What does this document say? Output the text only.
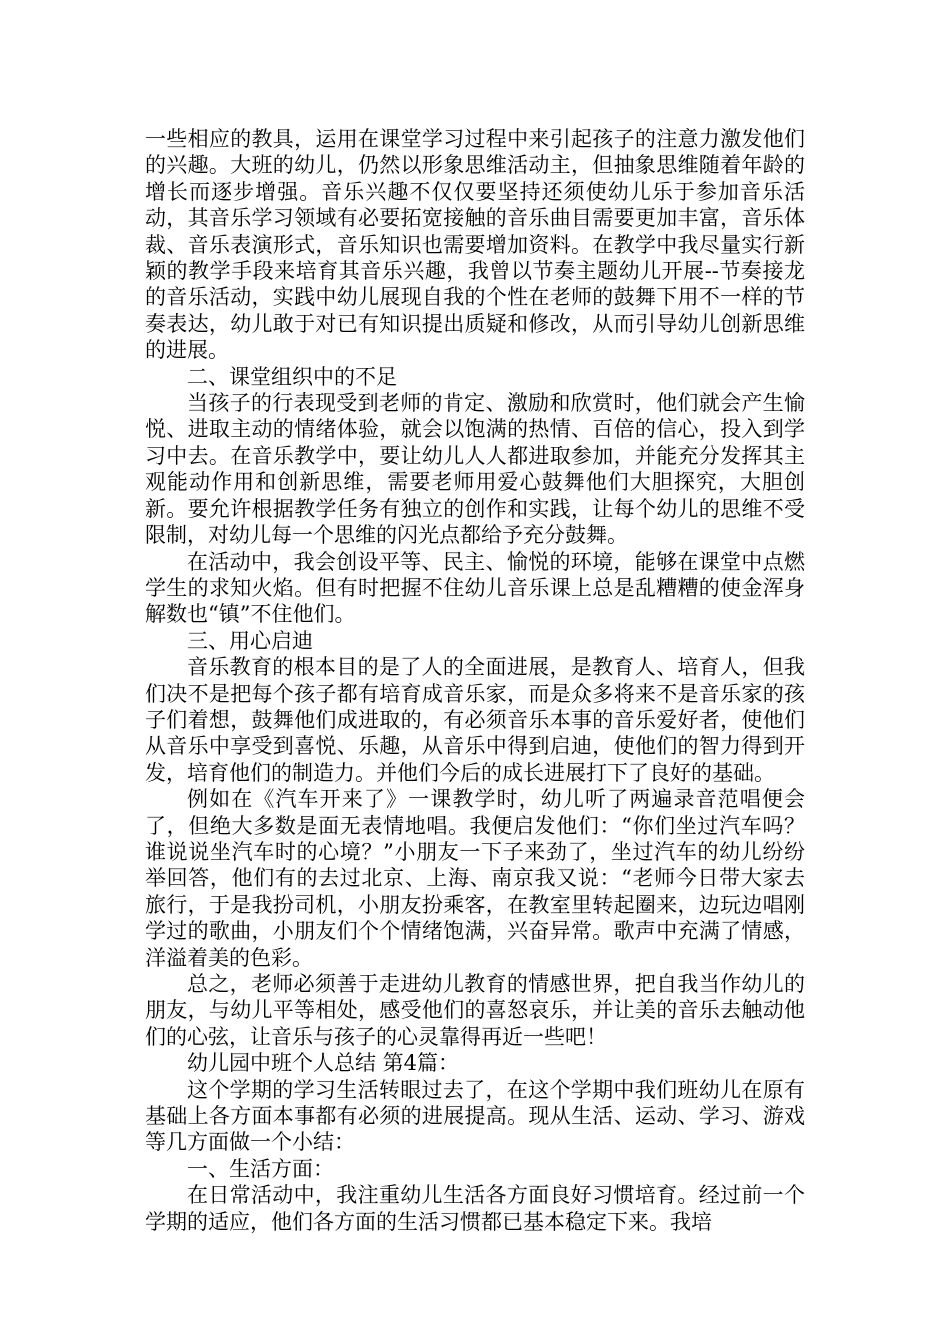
一些相应的教具，运用在课堂学习过程中来引起孩子的注意力激发他们的兴趣。大班的幼儿，仍然以形象思维活动主，但抽象思维随着年龄的增长而逐步增强。音乐兴趣不仅仅要坚持还须使幼儿乐于参加音乐活动，其音乐学习领域有必要拓宽接触的音乐曲目需要更加丰富，音乐体裁、音乐表演形式，音乐知识也需要增加资料。在教学中我尽量实行新颖的教学手段来培育其音乐兴趣，我曾以节奏主题幼儿开展--节奏接龙的音乐活动，实践中幼儿展现自我的个性在老师的鼓舞下用不一样的节奏表达，幼儿敢于对已有知识提出质疑和修改，从而引导幼儿创新思维的进展。

二、课堂组织中的不足

当孩子的行表现受到老师的肯定、激励和欣赏时，他们就会产生愉悦、进取主动的情绪体验，就会以饱满的热情、百倍的信心，投入到学习中去。在音乐教学中，要让幼儿人人都进取参加，并能充分发挥其主观能动作用和创新思维，需要老师用爱心鼓舞他们大胆探究，大胆创新。要允许根据教学任务有独立的创作和实践，让每个幼儿的思维不受限制，对幼儿每一个思维的闪光点都给予充分鼓舞。

在活动中，我会创设平等、民主、愉悦的环境，能够在课堂中点燃学生的求知火焰。但有时把握不住幼儿音乐课上总是乱糟糟的使金浑身解数也“镇”不住他们。

三、用心启迪

音乐教育的根本目的是了人的全面进展，是教育人、培育人，但我们决不是把每个孩子都有培育成音乐家，而是众多将来不是音乐家的孩子们着想，鼓舞他们成进取的，有必须音乐本事的音乐爱好者，使他们从音乐中享受到喜悦、乐趣，从音乐中得到启迪，使他们的智力得到开发，培育他们的制造力。并他们今后的成长进展打下了良好的基础。

例如在《汽车开来了》一课教学时，幼儿听了两遍录音范唱便会了，但绝大多数是面无表情地唱。我便启发他们：“你们坐过汽车吗？谁说说坐汽车时的心境？”小朋友一下子来劲了，坐过汽车的幼儿纷纷举回答，他们有的去过北京、上海、南京我又说：“老师今日带大家去旅行，于是我扮司机，小朋友扮乘客，在教室里转起圈来，边玩边唱刚学过的歌曲，小朋友们个个情绪饱满，兴奋异常。歌声中充满了情感，洋溢着美的色彩。

总之，老师必须善于走进幼儿教育的情感世界，把自我当作幼儿的朋友，与幼儿平等相处，感受他们的喜怒哀乐，并让美的音乐去触动他们的心弦，让音乐与孩子的心灵靠得再近一些吧！

幼儿园中班个人总结 第4篇：

这个学期的学习生活转眼过去了，在这个学期中我们班幼儿在原有基础上各方面本事都有必须的进展提高。现从生活、运动、学习、游戏等几方面做一个小结：

一、生活方面：

在日常活动中，我注重幼儿生活各方面良好习惯培育。经过前一个学期的适应，他们各方面的生活习惯都已基本稳定下来。我培
